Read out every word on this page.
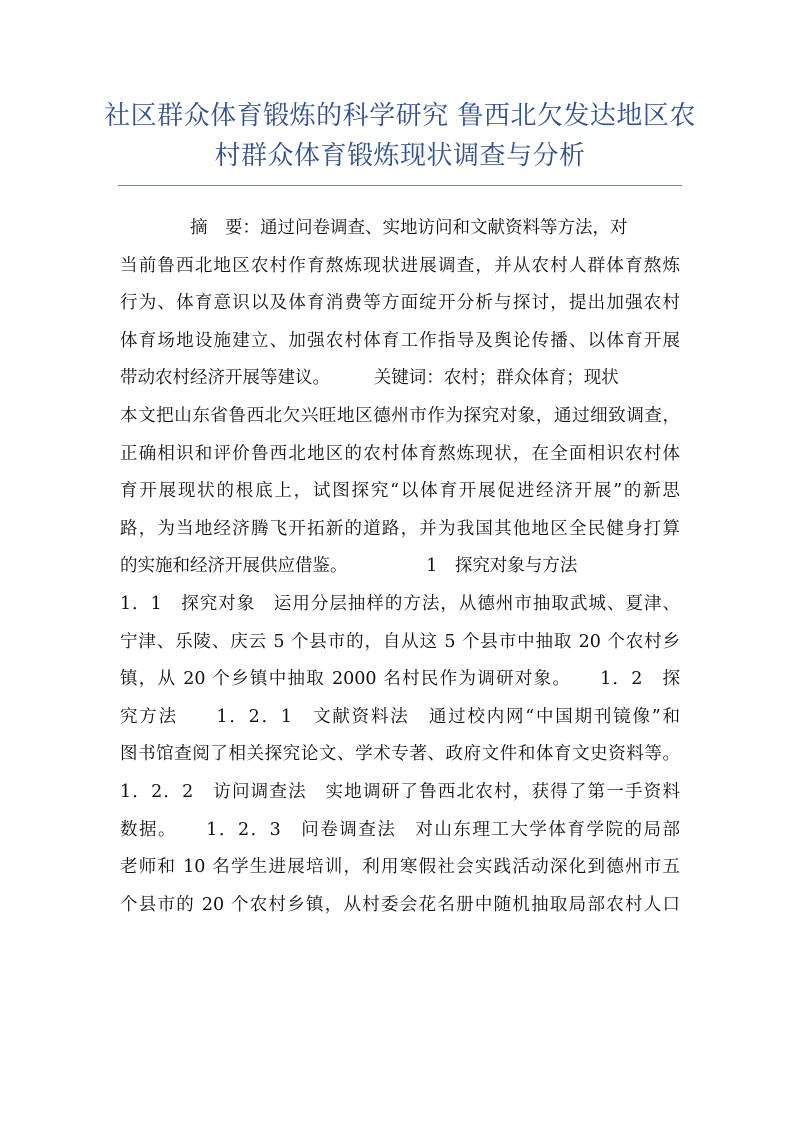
社区群众体育锻炼的科学研究 鲁西北欠发达地区农
村群众体育锻炼现状调查与分析
　　　　摘　要：通过问卷调查、实地访问和文献资料等方法，对
当前鲁西北地区农村作育熬炼现状进展调查，并从农村人群体育熬炼
行为、体育意识以及体育消费等方面绽开分析与探讨，提出加强农村
体育场地设施建立、加强农村体育工作指导及舆论传播、以体育开展
带动农村经济开展等建议。　　　关键词：农村；群众体育；现状
本文把山东省鲁西北欠兴旺地区德州市作为探究对象，通过细致调查，
正确相识和评价鲁西北地区的农村体育熬炼现状，在全面相识农村体
育开展现状的根底上，试图探究“以体育开展促进经济开展”的新思
路，为当地经济腾飞开拓新的道路，并为我国其他地区全民健身打算
的实施和经济开展供应借鉴。　　　　　1　探究对象与方法
1．1　探究对象　运用分层抽样的方法，从德州市抽取武城、夏津、
宁津、乐陵、庆云 5 个县市的，自从这 5 个县市中抽取 20 个农村乡
镇，从 20 个乡镇中抽取 2000 名村民作为调研对象。　　1．2　探
究方法　　1．2．1　文献资料法　通过校内网“中国期刊镜像”和
图书馆查阅了相关探究论文、学术专著、政府文件和体育文史资料等。
1．2．2　访问调查法　实地调研了鲁西北农村，获得了第一手资料
数据。　　1．2．3　问卷调查法　对山东理工大学体育学院的局部
老师和 10 名学生进展培训，利用寒假社会实践活动深化到德州市五
个县市的 20 个农村乡镇，从村委会花名册中随机抽取局部农村人口
